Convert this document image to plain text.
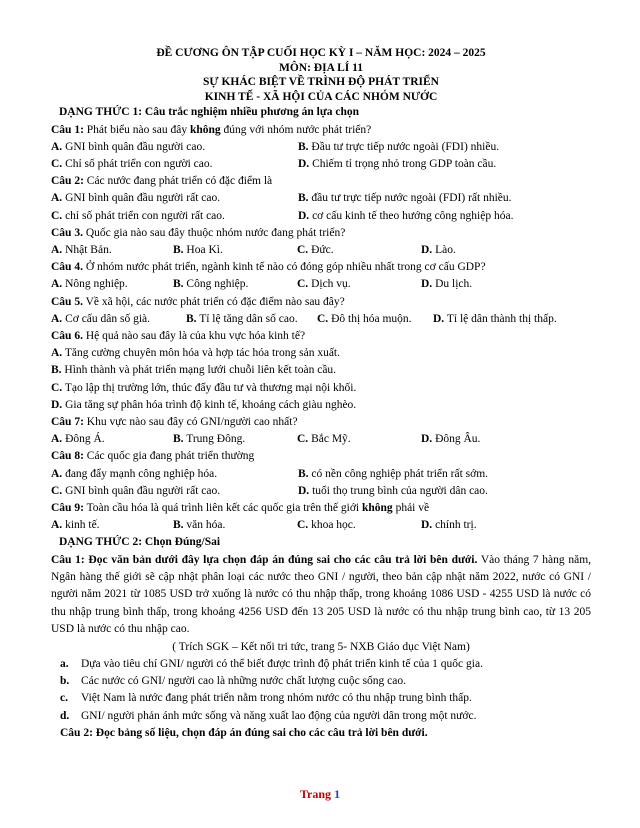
ĐỀ CƯƠNG ÔN TẬP CUỐI HỌC KỲ I – NĂM HỌC: 2024 – 2025
MÔN: ĐỊA LÍ 11
SỰ KHÁC BIỆT VỀ TRÌNH ĐỘ PHÁT TRIỂN
KINH TẾ - XÃ HỘI CỦA CÁC NHÓM NƯỚC
DẠNG THỨC 1: Câu trắc nghiệm nhiều phương án lựa chọn
Câu 1: Phát biểu nào sau đây không đúng với nhóm nước phát triển?
A. GNI bình quân đầu người cao.	B. Đầu tư trực tiếp nước ngoài (FDI) nhiều.
C. Chỉ số phát triển con người cao.	D. Chiếm tỉ trọng nhỏ trong GDP toàn cầu.
Câu 2: Các nước đang phát triển có đặc điểm là
A. GNI bình quân đầu người rất cao.	B. đầu tư trực tiếp nước ngoài (FDI) rất nhiều.
C. chỉ số phát triển con người rất cao.	D. cơ cấu kinh tế theo hướng công nghiệp hóa.
Câu 3. Quốc gia nào sau đây thuộc nhóm nước đang phát triển?
A. Nhật Bản.	B. Hoa Kì.	C. Đức.	D. Lào.
Câu 4. Ở nhóm nước phát triển, ngành kinh tế nào có đóng góp nhiều nhất trong cơ cấu GDP?
A. Nông nghiệp.	B. Công nghiệp.	C. Dịch vụ.	D. Du lịch.
Câu 5. Về xã hội, các nước phát triển có đặc điểm nào sau đây?
A. Cơ cấu dân số già.	B. Tỉ lệ tăng dân số cao.	C. Đô thị hóa muộn.	D. Tỉ lệ dân thành thị thấp.
Câu 6. Hệ quả nào sau đây là của khu vực hóa kinh tế?
A. Tăng cường chuyên môn hóa và hợp tác hóa trong sản xuất.
B. Hình thành và phát triển mạng lưới chuỗi liên kết toàn cầu.
C. Tạo lập thị trường lớn, thúc đẩy đầu tư và thương mại nội khối.
D. Gia tăng sự phân hóa trình độ kinh tế, khoảng cách giàu nghèo.
Câu 7: Khu vực nào sau đây có GNI/người cao nhất?
A. Đông Á.	B. Trung Đông.	C. Bắc Mỹ.	D. Đông Âu.
Câu 8: Các quốc gia đang phát triển thường
A. đang đẩy mạnh công nghiệp hóa.	B. có nền công nghiệp phát triển rất sớm.
C. GNI bình quân đầu người rất cao.	D. tuổi thọ trung bình của người dân cao.
Câu 9: Toàn cầu hóa là quá trình liên kết các quốc gia trên thế giới không phải về
A. kinh tế.	B. văn hóa.	C. khoa học.	D. chính trị.
DẠNG THỨC 2: Chọn Đúng/Sai
Câu 1: Đọc văn bản dưới đây lựa chọn đáp án đúng sai cho các câu trả lời bên dưới. Vào tháng 7 hàng năm, Ngân hàng thế giới sẽ cập nhật phân loại các nước theo GNI / người, theo bản cập nhật năm 2022, nước có GNI / người năm 2021 từ 1085 USD trở xuống là nước có thu nhập thấp, trong khoảng 1086 USD - 4255 USD là nước có thu nhập trung bình thấp, trong khoảng 4256 USD đến 13 205 USD là nước có thu nhập trung bình cao, từ 13 205 USD là nước có thu nhập cao.
( Trích SGK – Kết nối tri tức, trang 5- NXB Giáo dục Việt Nam)
a.	Dựa vào tiêu chí GNI/ người có thể biết được trình độ phát triển kinh tế của 1 quốc gia.
b.	Các nước có GNI/ người cao là những nước chất lượng cuộc sống cao.
c.	Việt Nam là nước đang phát triển nằm trong nhóm nước có thu nhập trung bình thấp.
d.	GNI/ người phản ánh mức sống và năng xuất lao động của người dân trong một nước.
Câu 2: Đọc bảng số liệu, chọn đáp án đúng sai cho các câu trả lời bên dưới.
Trang 1
